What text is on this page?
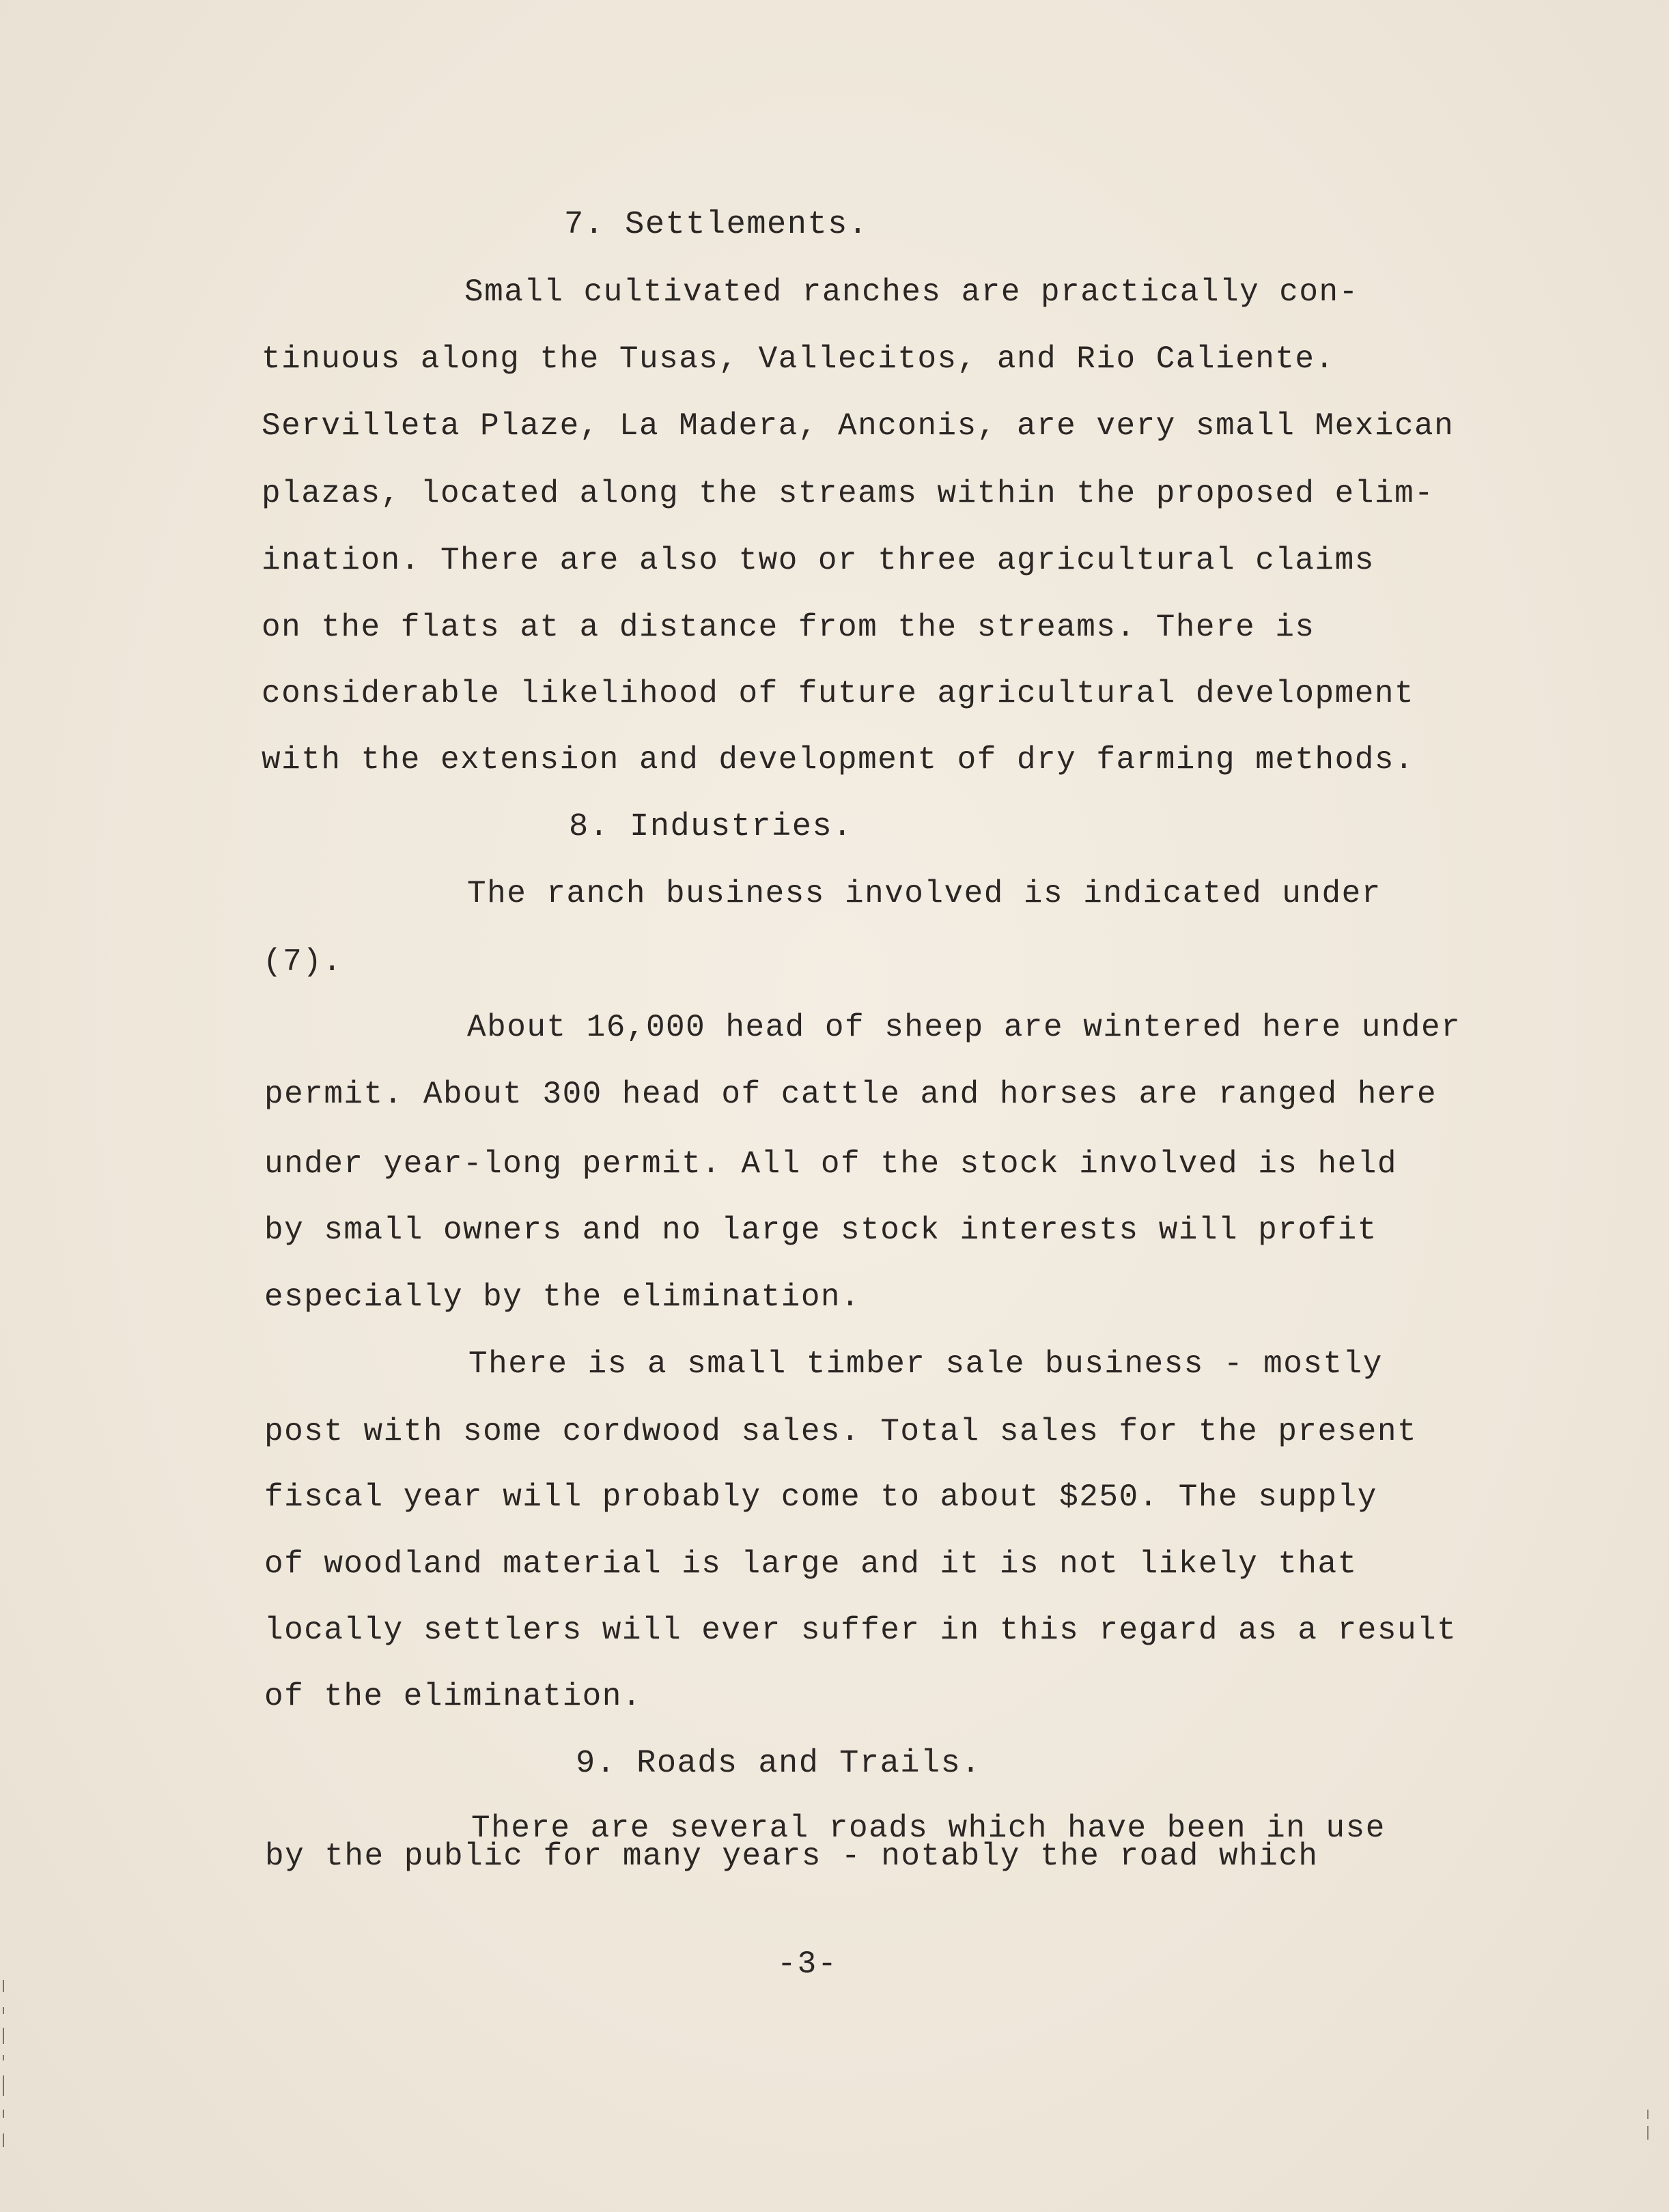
7. Settlements.
Small cultivated ranches are practically con-
tinuous along the Tusas, Vallecitos, and Rio Caliente.
Servilleta Plaze, La Madera, Anconis, are very small Mexican
plazas, located along the streams within the proposed elim-
ination. There are also two or three agricultural claims
on the flats at a distance from the streams. There is
considerable likelihood of future agricultural development
with the extension and development of dry farming methods.
8. Industries.
The ranch business involved is indicated under
(7).
About 16,000 head of sheep are wintered here under
permit. About 300 head of cattle and horses are ranged here
under year-long permit. All of the stock involved is held
by small owners and no large stock interests will profit
especially by the elimination.
There is a small timber sale business - mostly
post with some cordwood sales. Total sales for the present
fiscal year will probably come to about $250. The supply
of woodland material is large and it is not likely that
locally settlers will ever suffer in this regard as a result
of the elimination.
9. Roads and Trails.
There are several roads which have been in use
by the public for many years - notably the road which
-3-
